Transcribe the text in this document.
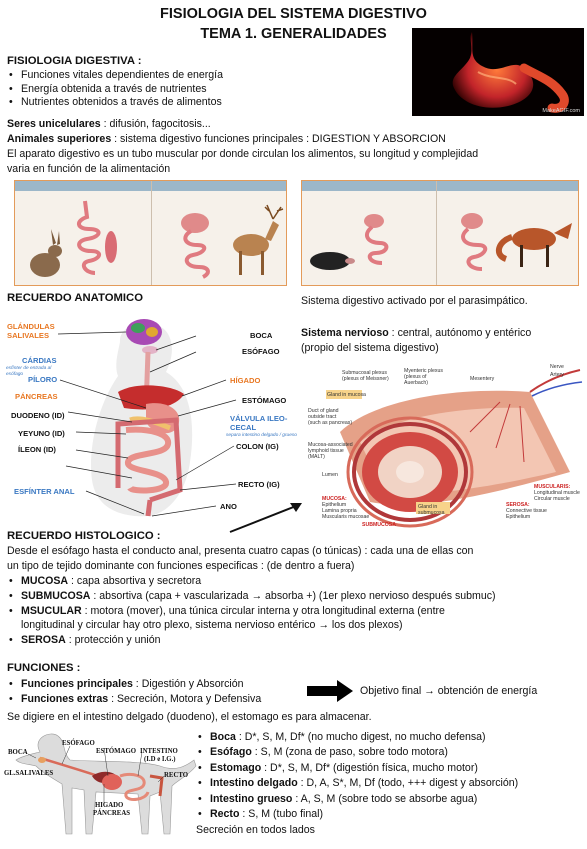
FISIOLOGIA DEL SISTEMA DIGESTIVO
TEMA 1. GENERALIDADES
MakeAGIF.com
FISIOLOGIA DIGESTIVA :
• Funciones vitales dependientes de energía
• Energía obtenida a través de nutrientes
• Nutrientes obtenidos a través de alimentos
Seres unicelulares : difusión, fagocitosis...
Animales superiores : sistema digestivo funciones principales : DIGESTION Y ABSORCION
El aparato digestivo es un tubo muscular por donde circulan los alimentos, su longitud y complejidad
varia en función de la alimentación
RECUERDO ANATOMICO	Sistema digestivo activado por el parasimpático.
Sistema nervioso : central, autónomo y entérico
(propio del sistema digestivo)
GLÁNDULAS
SALIVALES	BOCA
ESÓFAGO
CÁRDIAS
esfínter de entrada al esófago
PÍLORO	HÍGADO
PÁNCREAS	ESTÓMAGO
DUODENO (ID)	VÁLVULA ILEO-
CECAL
separa intestino delgado / grueso
YEYUNO (ID)
COLON (IG)
ÍLEON (ID)
RECTO (IG)
ESFÍNTER ANAL
ANO
Submucosal plexus
(plexus of Meissner)
Myenteric plexus
(plexus of
Auerbach)
Mesentery
Nerve
Artery
Gland in mucosa
Duct of gland
outside tract
(such as pancreas)
Mucosa-associated
lymphoid tissue
(MALT)
Lumen
MUCOSA:
Epithelium
Lamina propria
Muscularis mucosae
Gland in
submucosa
SUBMUCOSA
SEROSA:
Connective tissue
Epithelium
MUSCULARIS:
Longitudinal muscle
Circular muscle
RECUERDO HISTOLOGICO :
Desde el esófago hasta el conducto anal, presenta cuatro capas (o túnicas) : cada una de ellas con
un tipo de tejido dominante con funciones especificas : (de dentro a fuera)
• MUCOSA : capa absortiva y secretora
• SUBMUCOSA : absortiva (capa + vascularizada → absorba +) (1er plexo nervioso después submuc)
• MSUCULAR : motora (mover), una túnica circular interna y otra longitudinal externa (entre
longitudinal y circular hay otro plexo, sistema nervioso entérico → los dos plexos)
• SEROSA : protección y unión
FUNCIONES :
• Funciones principales : Digestión y Absorción
• Funciones extras : Secreción, Motora y Defensiva
Objetivo final → obtención de energía
Se digiere en el intestino delgado (duodeno), el estomago es para almacenar.
BOCA
GL.SALIVALES
ESÓFAGO
ESTÓMAGO INTESTINO
(I.D e I.G.)
RECTO
HIGADO
PÁNCREAS
• Boca : D*, S, M, Df* (no mucho digest, no mucho defensa)
• Esófago : S, M (zona de paso, sobre todo motora)
• Estomago : D*, S, M, Df* (digestión física, mucho motor)
• Intestino delgado : D, A, S*, M, Df (todo, +++ digest y absorción)
• Intestino grueso : A, S, M (sobre todo se absorbe agua)
• Recto : S, M (tubo final)
Secreción en todos lados
